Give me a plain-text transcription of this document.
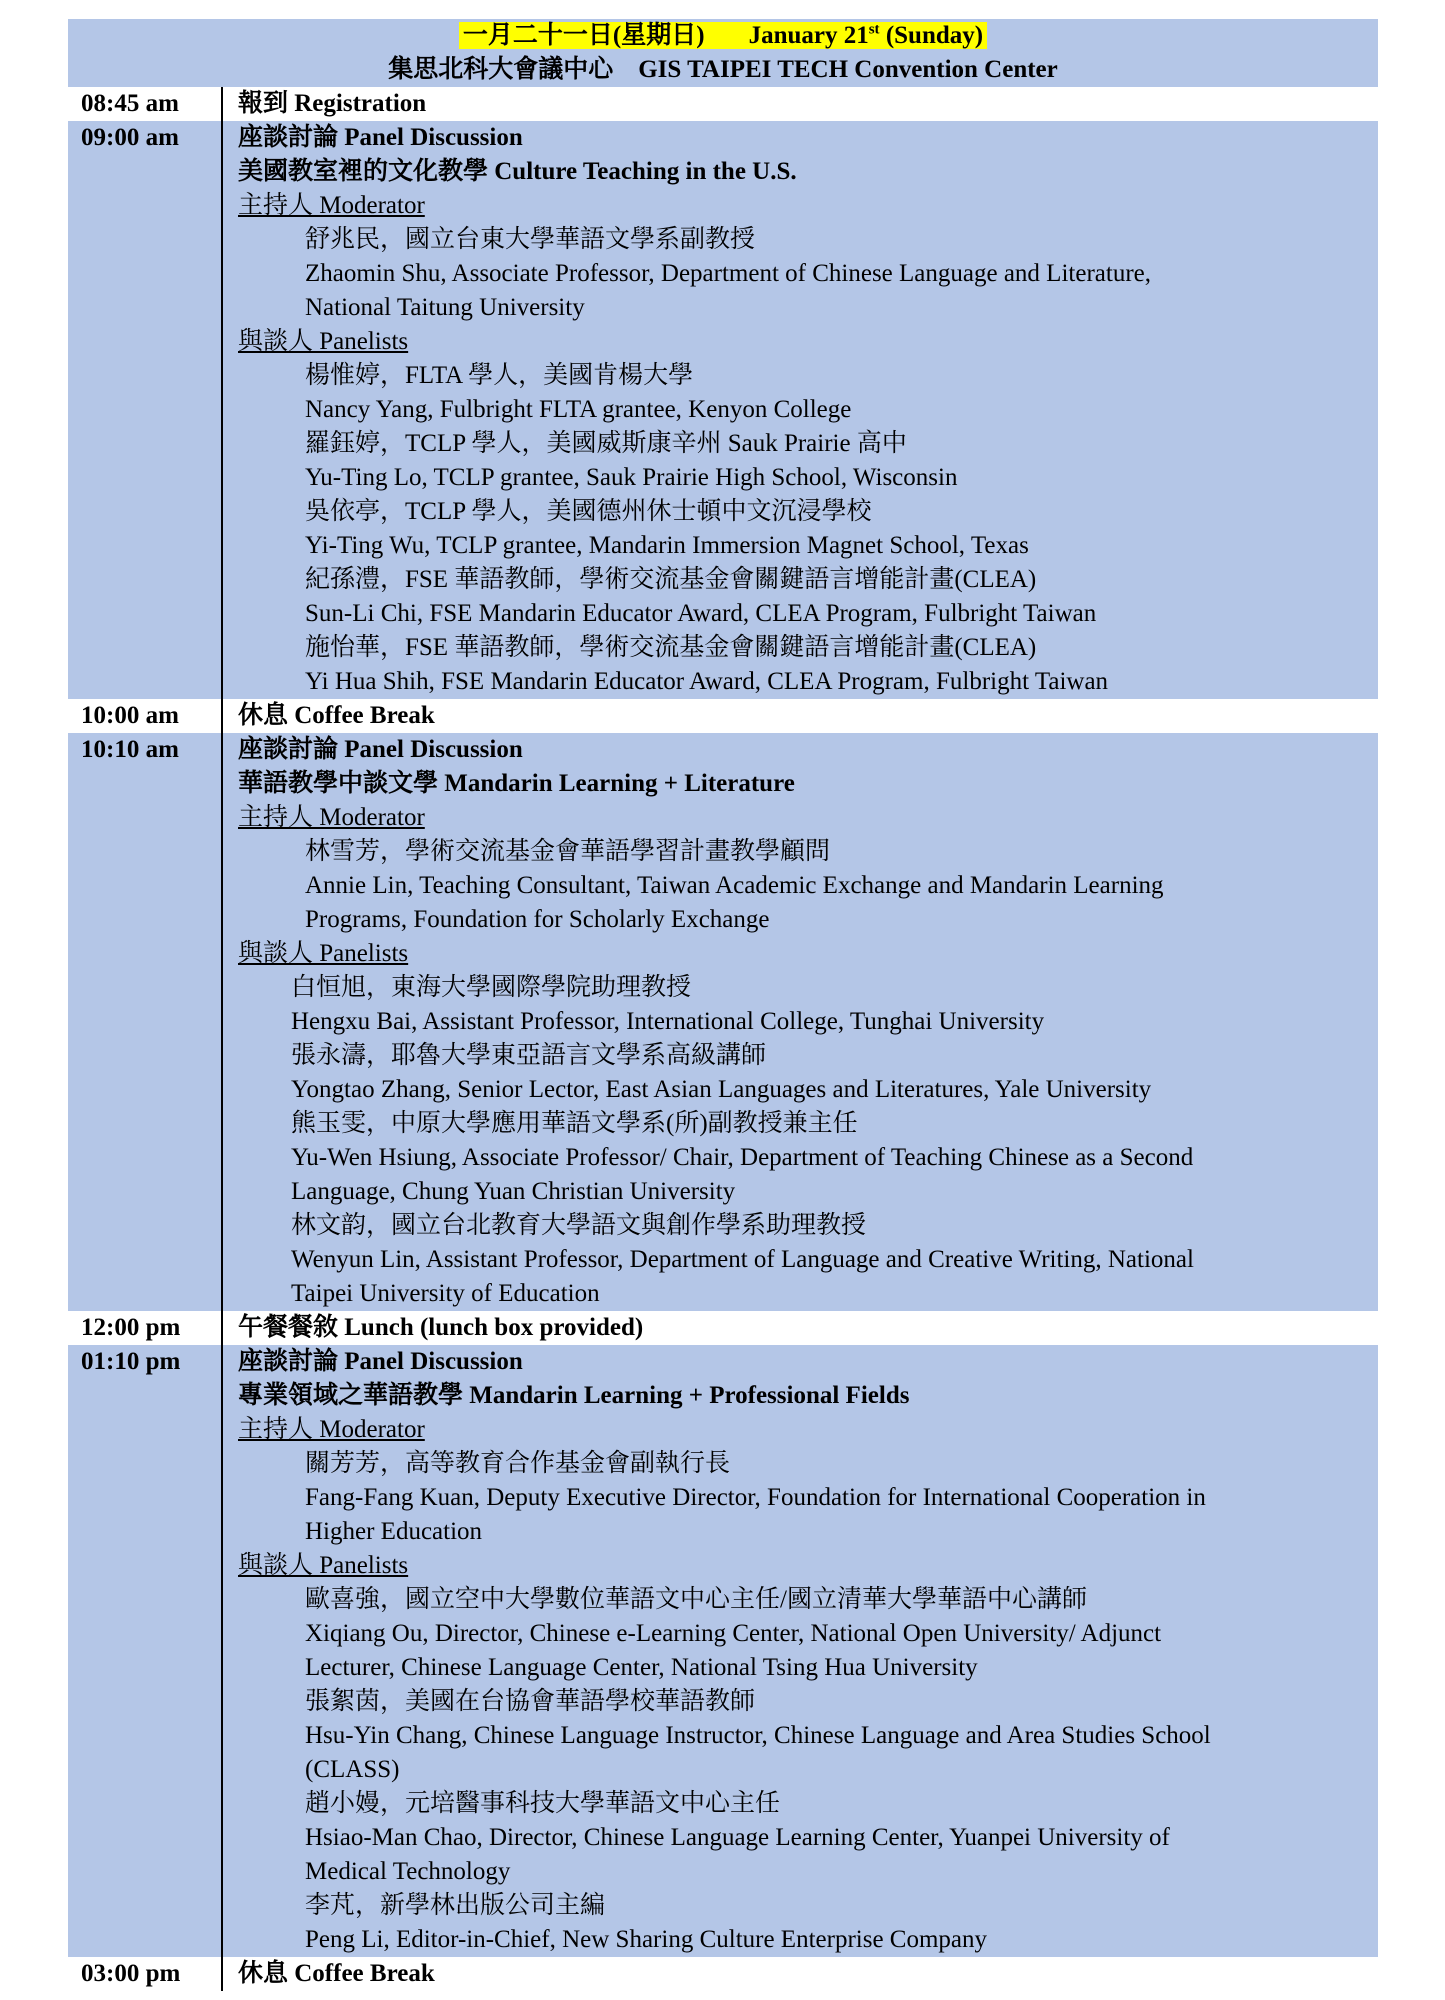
一月二十一日(星期日) January 21st (Sunday)
集思北科大會議中心　GIS TAIPEI TECH Convention Center
08:45 am	報到 Registration
09:00 am	座談討論 Panel Discussion
美國教室裡的文化教學 Culture Teaching in the U.S.
主持人 Moderator
舒兆民，國立台東大學華語文學系副教授
Zhaomin Shu, Associate Professor, Department of Chinese Language and Literature,
National Taitung University
與談人 Panelists
楊惟婷，FLTA 學人，美國肯楊大學
Nancy Yang, Fulbright FLTA grantee, Kenyon College
羅鈺婷，TCLP 學人，美國威斯康辛州 Sauk Prairie 高中
Yu-Ting Lo, TCLP grantee, Sauk Prairie High School, Wisconsin
吳依亭，TCLP 學人，美國德州休士頓中文沉浸學校
Yi-Ting Wu, TCLP grantee, Mandarin Immersion Magnet School, Texas
紀孫澧，FSE 華語教師，學術交流基金會關鍵語言增能計畫(CLEA)
Sun-Li Chi, FSE Mandarin Educator Award, CLEA Program, Fulbright Taiwan
施怡華，FSE 華語教師，學術交流基金會關鍵語言增能計畫(CLEA)
Yi Hua Shih, FSE Mandarin Educator Award, CLEA Program, Fulbright Taiwan
10:00 am	休息 Coffee Break
10:10 am	座談討論 Panel Discussion
華語教學中談文學 Mandarin Learning + Literature
主持人 Moderator
林雪芳，學術交流基金會華語學習計畫教學顧問
Annie Lin, Teaching Consultant, Taiwan Academic Exchange and Mandarin Learning
Programs, Foundation for Scholarly Exchange
與談人 Panelists
白恒旭，東海大學國際學院助理教授
Hengxu Bai, Assistant Professor, International College, Tunghai University
張永濤，耶魯大學東亞語言文學系高級講師
Yongtao Zhang, Senior Lector, East Asian Languages and Literatures, Yale University
熊玉雯，中原大學應用華語文學系(所)副教授兼主任
Yu-Wen Hsiung, Associate Professor/ Chair, Department of Teaching Chinese as a Second
Language, Chung Yuan Christian University
林文韵，國立台北教育大學語文與創作學系助理教授
Wenyun Lin, Assistant Professor, Department of Language and Creative Writing, National
Taipei University of Education
12:00 pm	午餐餐敘 Lunch (lunch box provided)
01:10 pm	座談討論 Panel Discussion
專業領域之華語教學 Mandarin Learning + Professional Fields
主持人 Moderator
關芳芳，高等教育合作基金會副執行長
Fang-Fang Kuan, Deputy Executive Director, Foundation for International Cooperation in
Higher Education
與談人 Panelists
歐喜強，國立空中大學數位華語文中心主任/國立清華大學華語中心講師
Xiqiang Ou, Director, Chinese e-Learning Center, National Open University/ Adjunct
Lecturer, Chinese Language Center, National Tsing Hua University
張絮茵，美國在台協會華語學校華語教師
Hsu-Yin Chang, Chinese Language Instructor, Chinese Language and Area Studies School
(CLASS)
趙小嫚，元培醫事科技大學華語文中心主任
Hsiao-Man Chao, Director, Chinese Language Learning Center, Yuanpei University of
Medical Technology
李芃，新學林出版公司主編
Peng Li, Editor-in-Chief, New Sharing Culture Enterprise Company
03:00 pm	休息 Coffee Break
